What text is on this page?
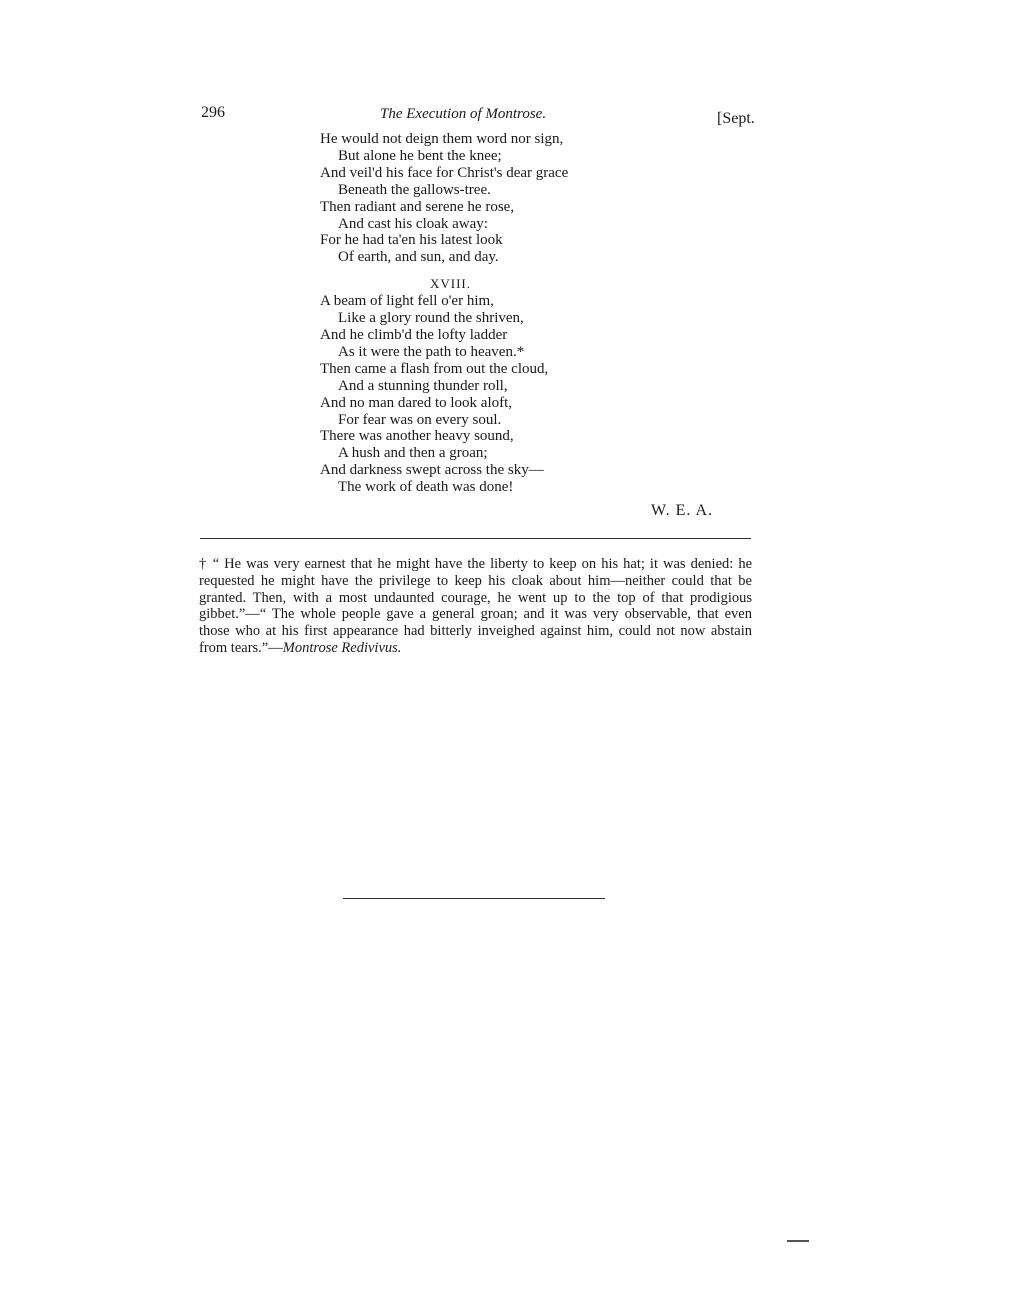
296	The Execution of Montrose.	[Sept.
He would not deign them word nor sign,
But alone he bent the knee;
And veil'd his face for Christ's dear grace
Beneath the gallows-tree.
Then radiant and serene he rose,
And cast his cloak away:
For he had ta'en his latest look
Of earth, and sun, and day.
XVIII.
A beam of light fell o'er him,
Like a glory round the shriven,
And he climb'd the lofty ladder
As it were the path to heaven.*
Then came a flash from out the cloud,
And a stunning thunder roll,
And no man dared to look aloft,
For fear was on every soul.
There was another heavy sound,
A hush and then a groan;
And darkness swept across the sky—
The work of death was done!
W. E. A.
† “ He was very earnest that he might have the liberty to keep on his hat; it was denied: he requested he might have the privilege to keep his cloak about him—neither could that be granted. Then, with a most undaunted courage, he went up to the top of that prodigious gibbet.”—“ The whole people gave a general groan; and it was very observable, that even those who at his first appearance had bitterly inveighed against him, could not now abstain from tears.”—Montrose Redivivus.
